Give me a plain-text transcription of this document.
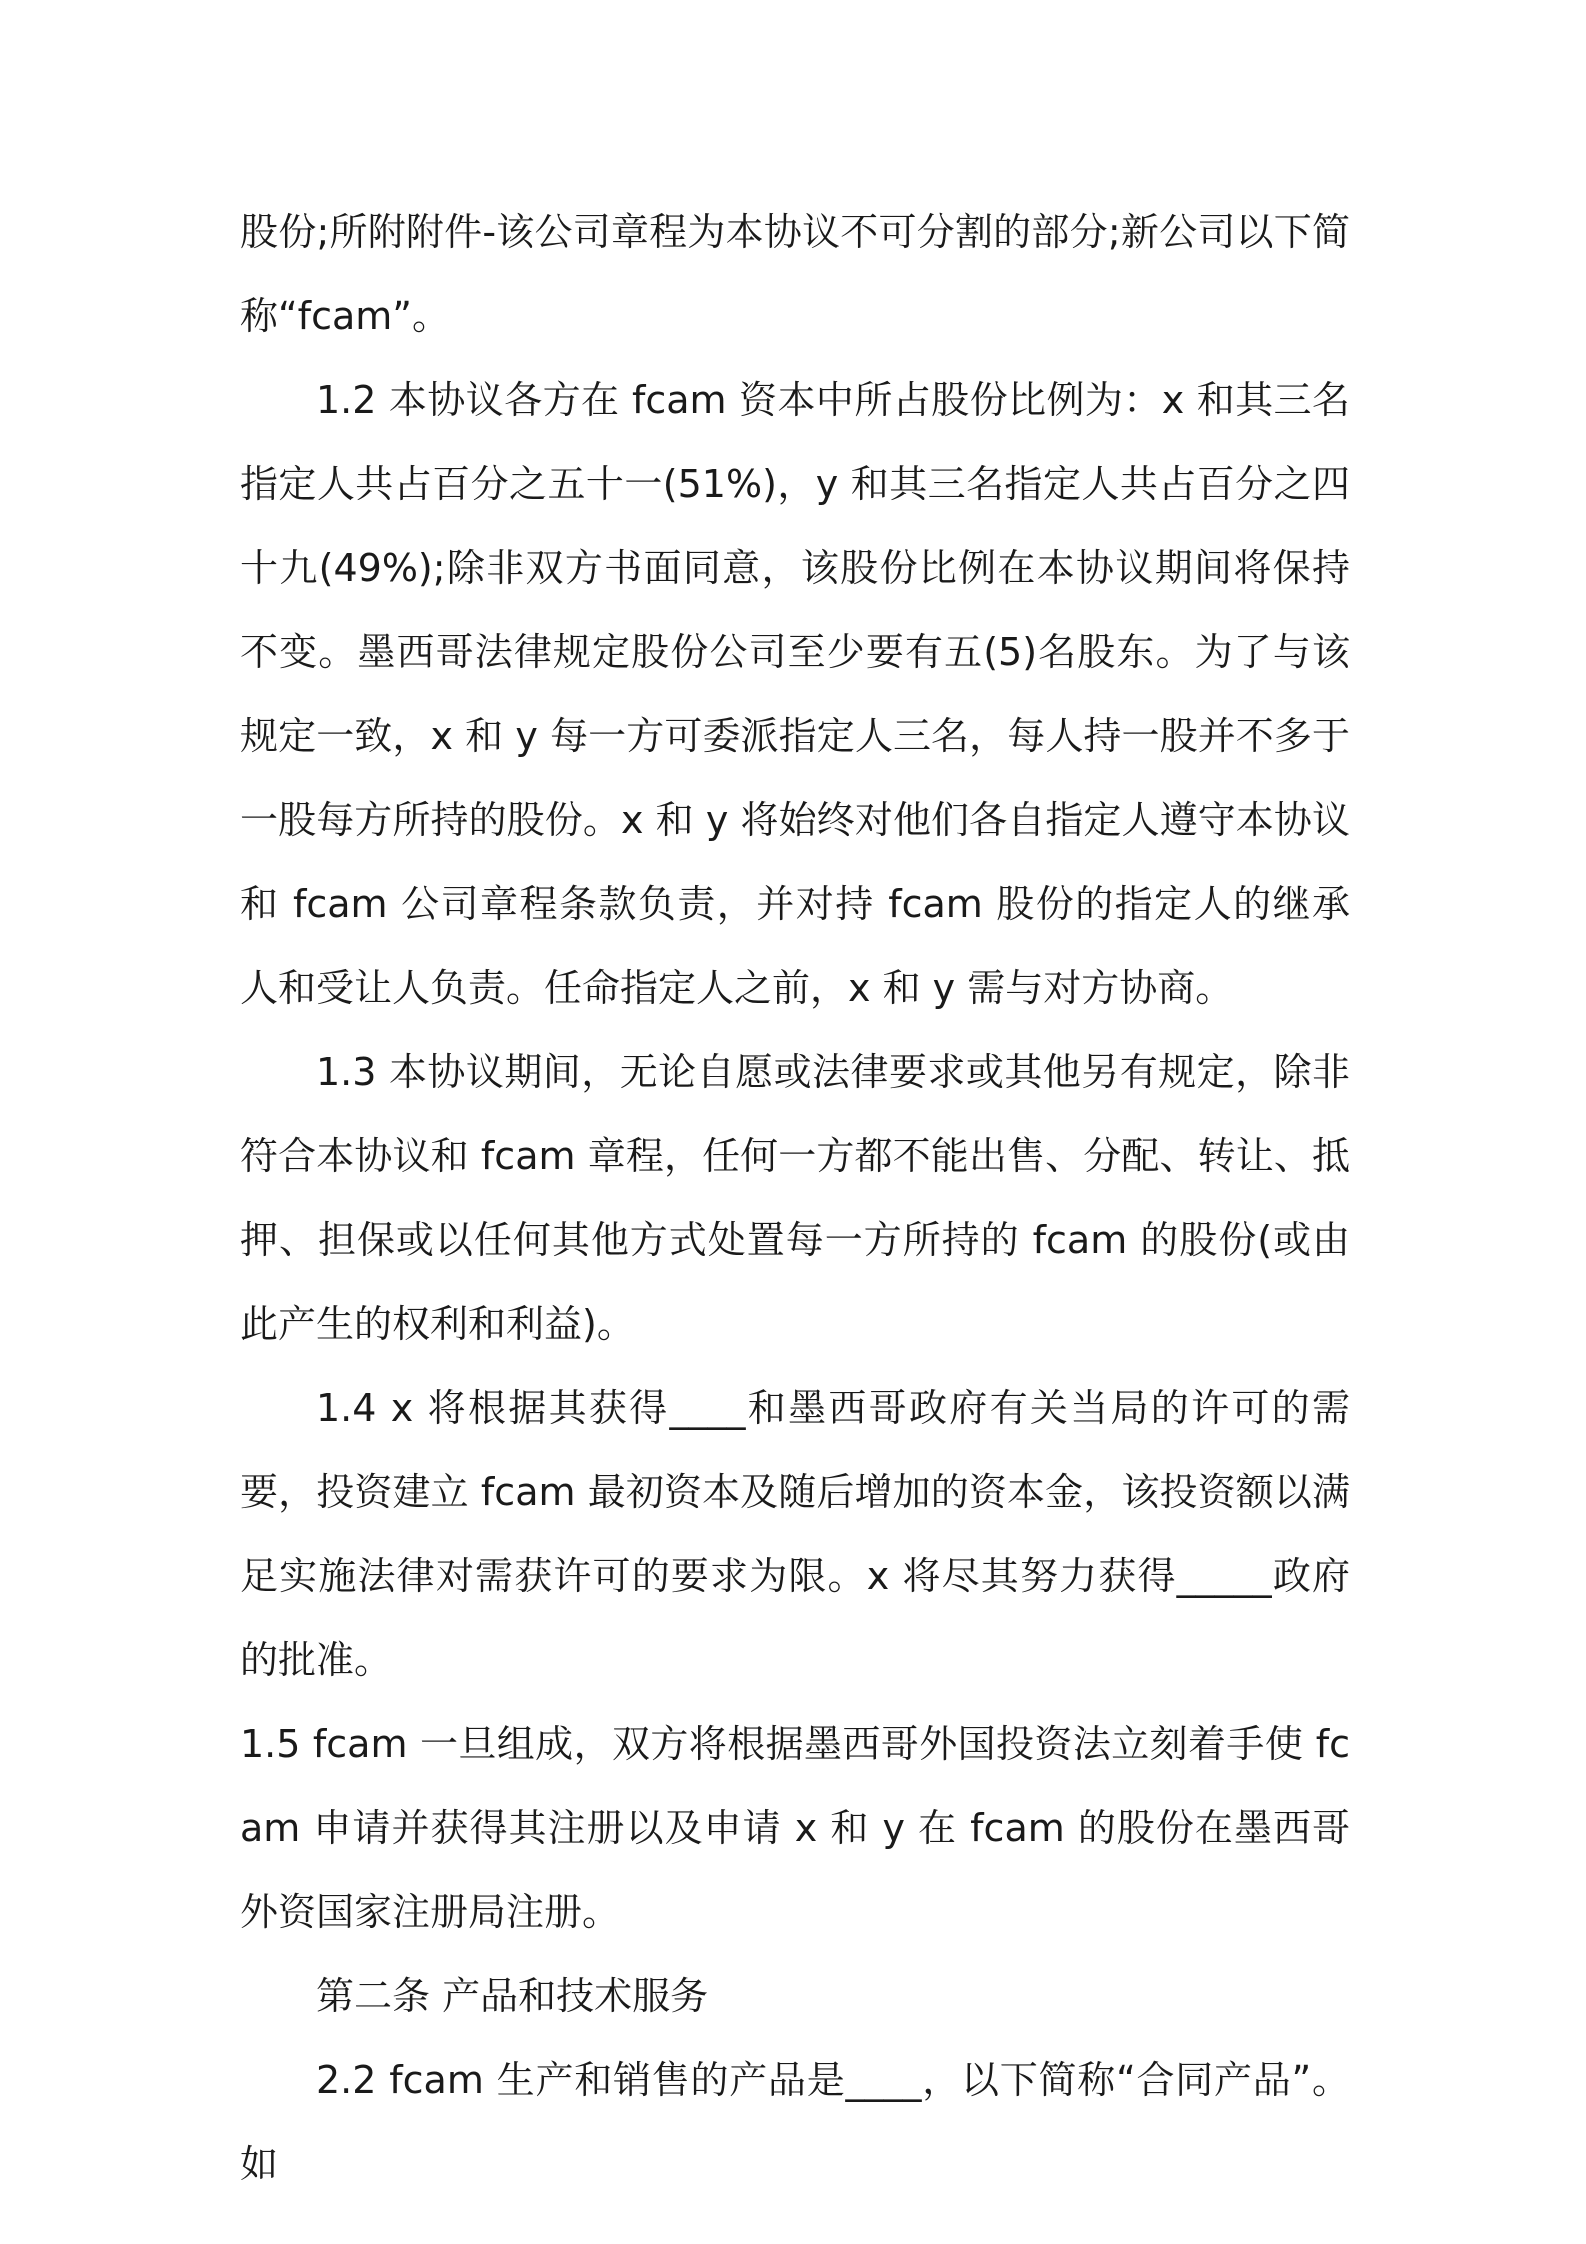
股份;所附附件-该公司章程为本协议不可分割的部分;新公司以下简称“fcam”。

1.2 本协议各方在 fcam 资本中所占股份比例为：x 和其三名指定人共占百分之五十一(51%)，y 和其三名指定人共占百分之四十九(49%);除非双方书面同意，该股份比例在本协议期间将保持不变。墨西哥法律规定股份公司至少要有五(5)名股东。为了与该规定一致，x 和 y 每一方可委派指定人三名，每人持一股并不多于一股每方所持的股份。x 和 y 将始终对他们各自指定人遵守本协议和 fcam 公司章程条款负责，并对持 fcam 股份的指定人的继承人和受让人负责。任命指定人之前，x 和 y 需与对方协商。

1.3 本协议期间，无论自愿或法律要求或其他另有规定，除非符合本协议和 fcam 章程，任何一方都不能出售、分配、转让、抵押、担保或以任何其他方式处置每一方所持的 fcam 的股份(或由此产生的权利和利益)。

1.4 x 将根据其获得____和墨西哥政府有关当局的许可的需要，投资建立 fcam 最初资本及随后增加的资本金，该投资额以满足实施法律对需获许可的要求为限。x 将尽其努力获得_____政府的批准。

1.5 fcam 一旦组成，双方将根据墨西哥外国投资法立刻着手使 fcam 申请并获得其注册以及申请 x 和 y 在 fcam 的股份在墨西哥外资国家注册局注册。

第二条 产品和技术服务

2.2 fcam 生产和销售的产品是____，以下简称“合同产品”。如
